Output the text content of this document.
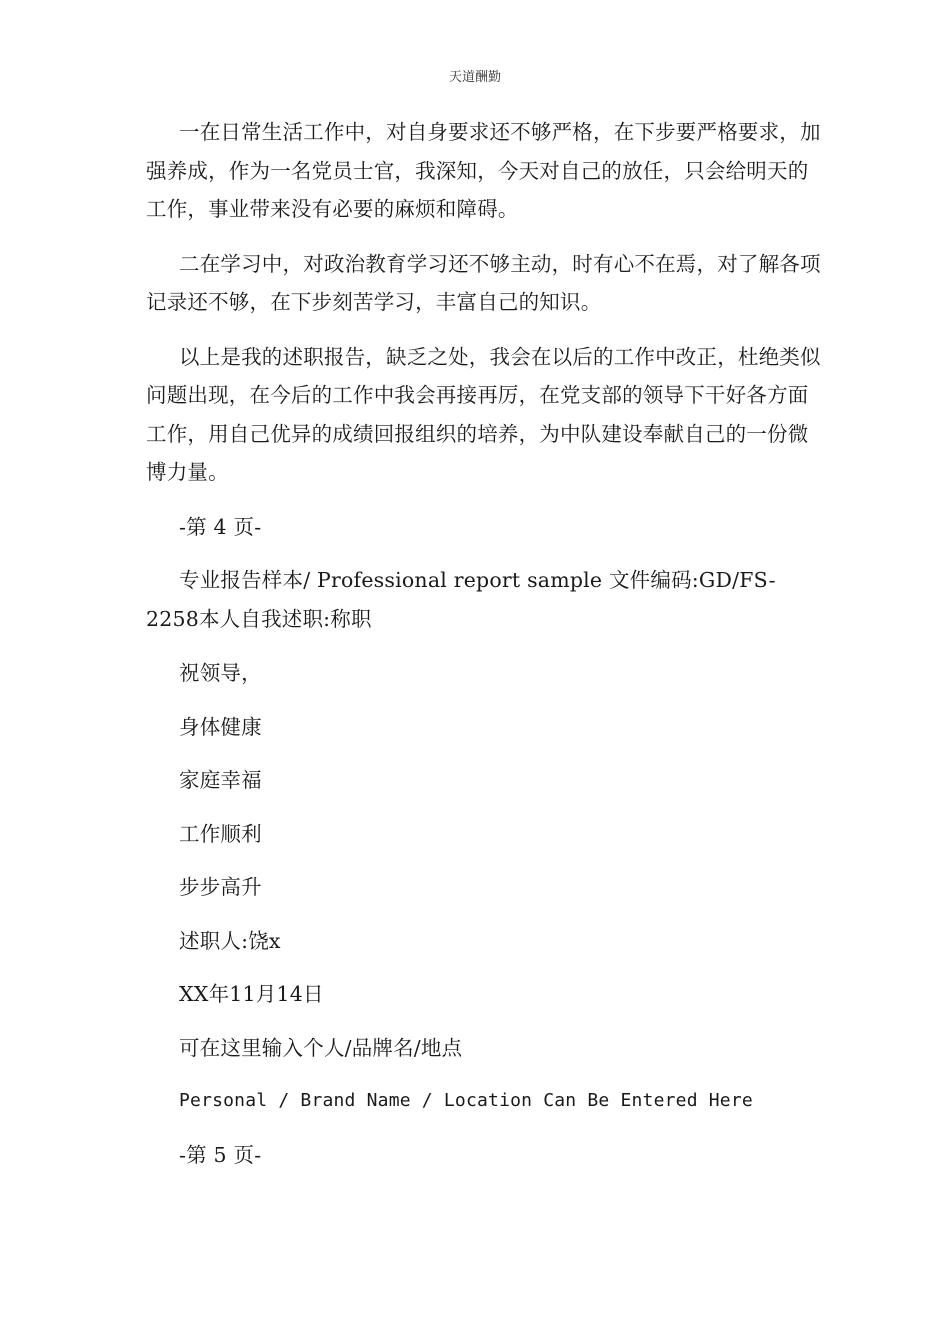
天道酬勤

一在日常生活工作中，对自身要求还不够严格，在下步要严格要求，加强养成，作为一名党员士官，我深知，今天对自己的放任，只会给明天的工作，事业带来没有必要的麻烦和障碍。

二在学习中，对政治教育学习还不够主动，时有心不在焉，对了解各项记录还不够，在下步刻苦学习，丰富自己的知识。

以上是我的述职报告，缺乏之处，我会在以后的工作中改正，杜绝类似问题出现，在今后的工作中我会再接再厉，在党支部的领导下干好各方面工作，用自己优异的成绩回报组织的培养，为中队建设奉献自己的一份微博力量。

-第 4 页-

专业报告样本/ Professional report sample 文件编码:GD/FS-2258本人自我述职:称职

祝领导，

身体健康

家庭幸福

工作顺利

步步高升

述职人:饶x

XX年11月14日

可在这里输入个人/品牌名/地点

Personal / Brand Name / Location Can Be Entered Here

-第 5 页-
